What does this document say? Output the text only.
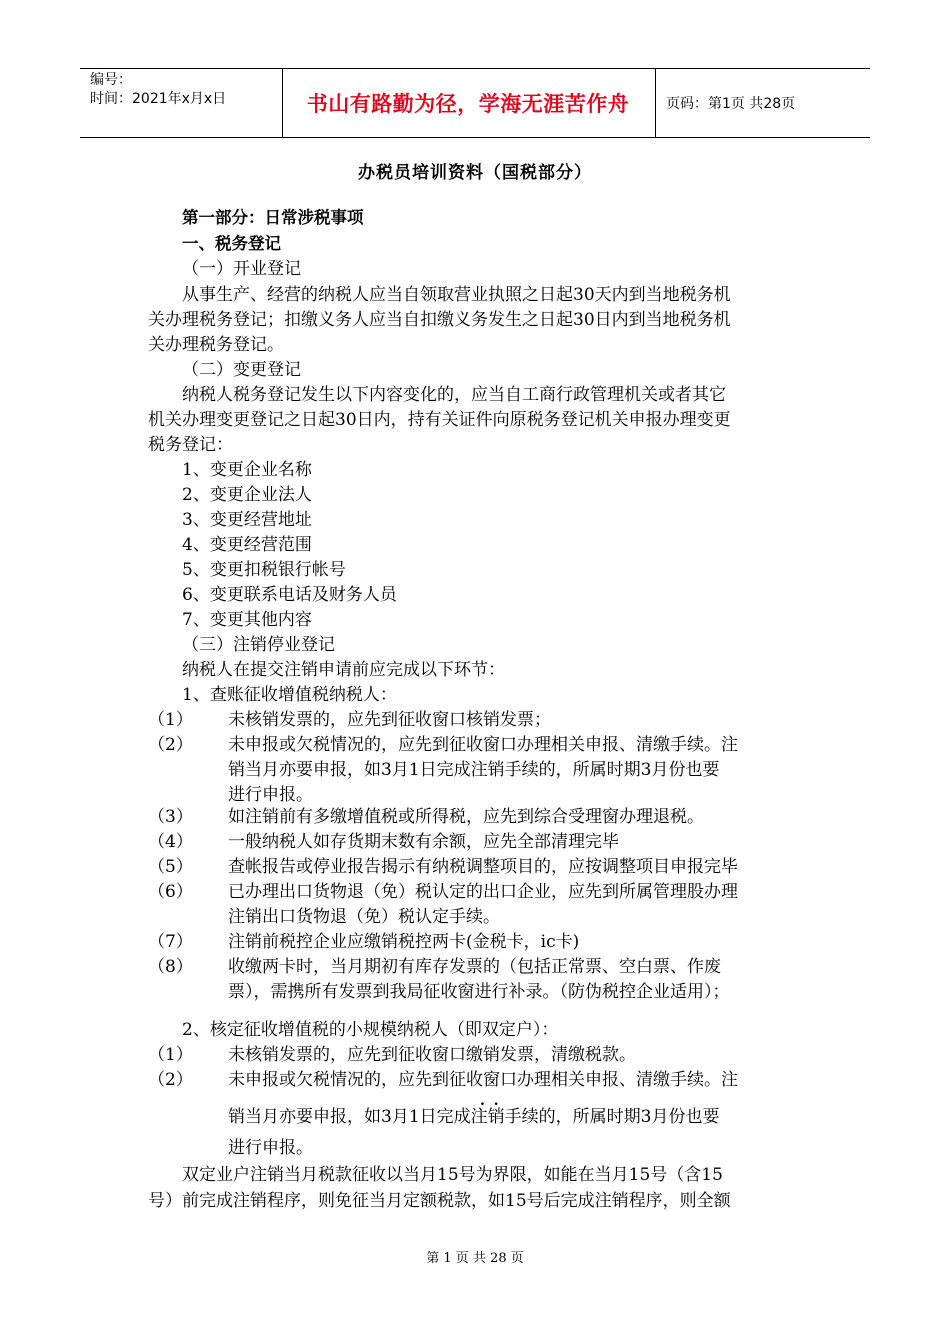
编号：
时间：2021年x月x日	书山有路勤为径，学海无涯苦作舟	页码：第1页 共28页
办税员培训资料（国税部分）
第一部分：日常涉税事项
一、税务登记
（一）开业登记
从事生产、经营的纳税人应当自领取营业执照之日起30天内到当地税务机
关办理税务登记；扣缴义务人应当自扣缴义务发生之日起30日内到当地税务机
关办理税务登记。
（二）变更登记
纳税人税务登记发生以下内容变化的，应当自工商行政管理机关或者其它
机关办理变更登记之日起30日内，持有关证件向原税务登记机关申报办理变更
税务登记：
1、变更企业名称
2、变更企业法人
3、变更经营地址
4、变更经营范围
5、变更扣税银行帐号
6、变更联系电话及财务人员
7、变更其他内容
（三）注销停业登记
纳税人在提交注销申请前应完成以下环节：
1、查账征收增值税纳税人：
（1） 未核销发票的，应先到征收窗口核销发票；
（2） 未申报或欠税情况的，应先到征收窗口办理相关申报、清缴手续。注
销当月亦要申报，如3月1日完成注销手续的，所属时期3月份也要
进行申报。
（3） 如注销前有多缴增值税或所得税，应先到综合受理窗办理退税。
（4） 一般纳税人如存货期末数有余额，应先全部清理完毕
（5） 查帐报告或停业报告揭示有纳税调整项目的，应按调整项目申报完毕
（6） 已办理出口货物退（免）税认定的出口企业，应先到所属管理股办理
注销出口货物退（免）税认定手续。
（7） 注销前税控企业应缴销税控两卡(金税卡，ic卡)
（8） 收缴两卡时，当月期初有库存发票的（包括正常票、空白票、作废
票），需携所有发票到我局征收窗进行补录。（防伪税控企业适用）；
2、核定征收增值税的小规模纳税人（即双定户）：
（1） 未核销发票的，应先到征收窗口缴销发票，清缴税款。
（2） 未申报或欠税情况的，应先到征收窗口办理相关申报、清缴手续。注
. .
销当月亦要申报，如3月1日完成注销手续的，所属时期3月份也要
进行申报。
双定业户注销当月税款征收以当月15号为界限，如能在当月15号（含15
号）前完成注销程序，则免征当月定额税款，如15号后完成注销程序，则全额
第 1 页 共 28 页
